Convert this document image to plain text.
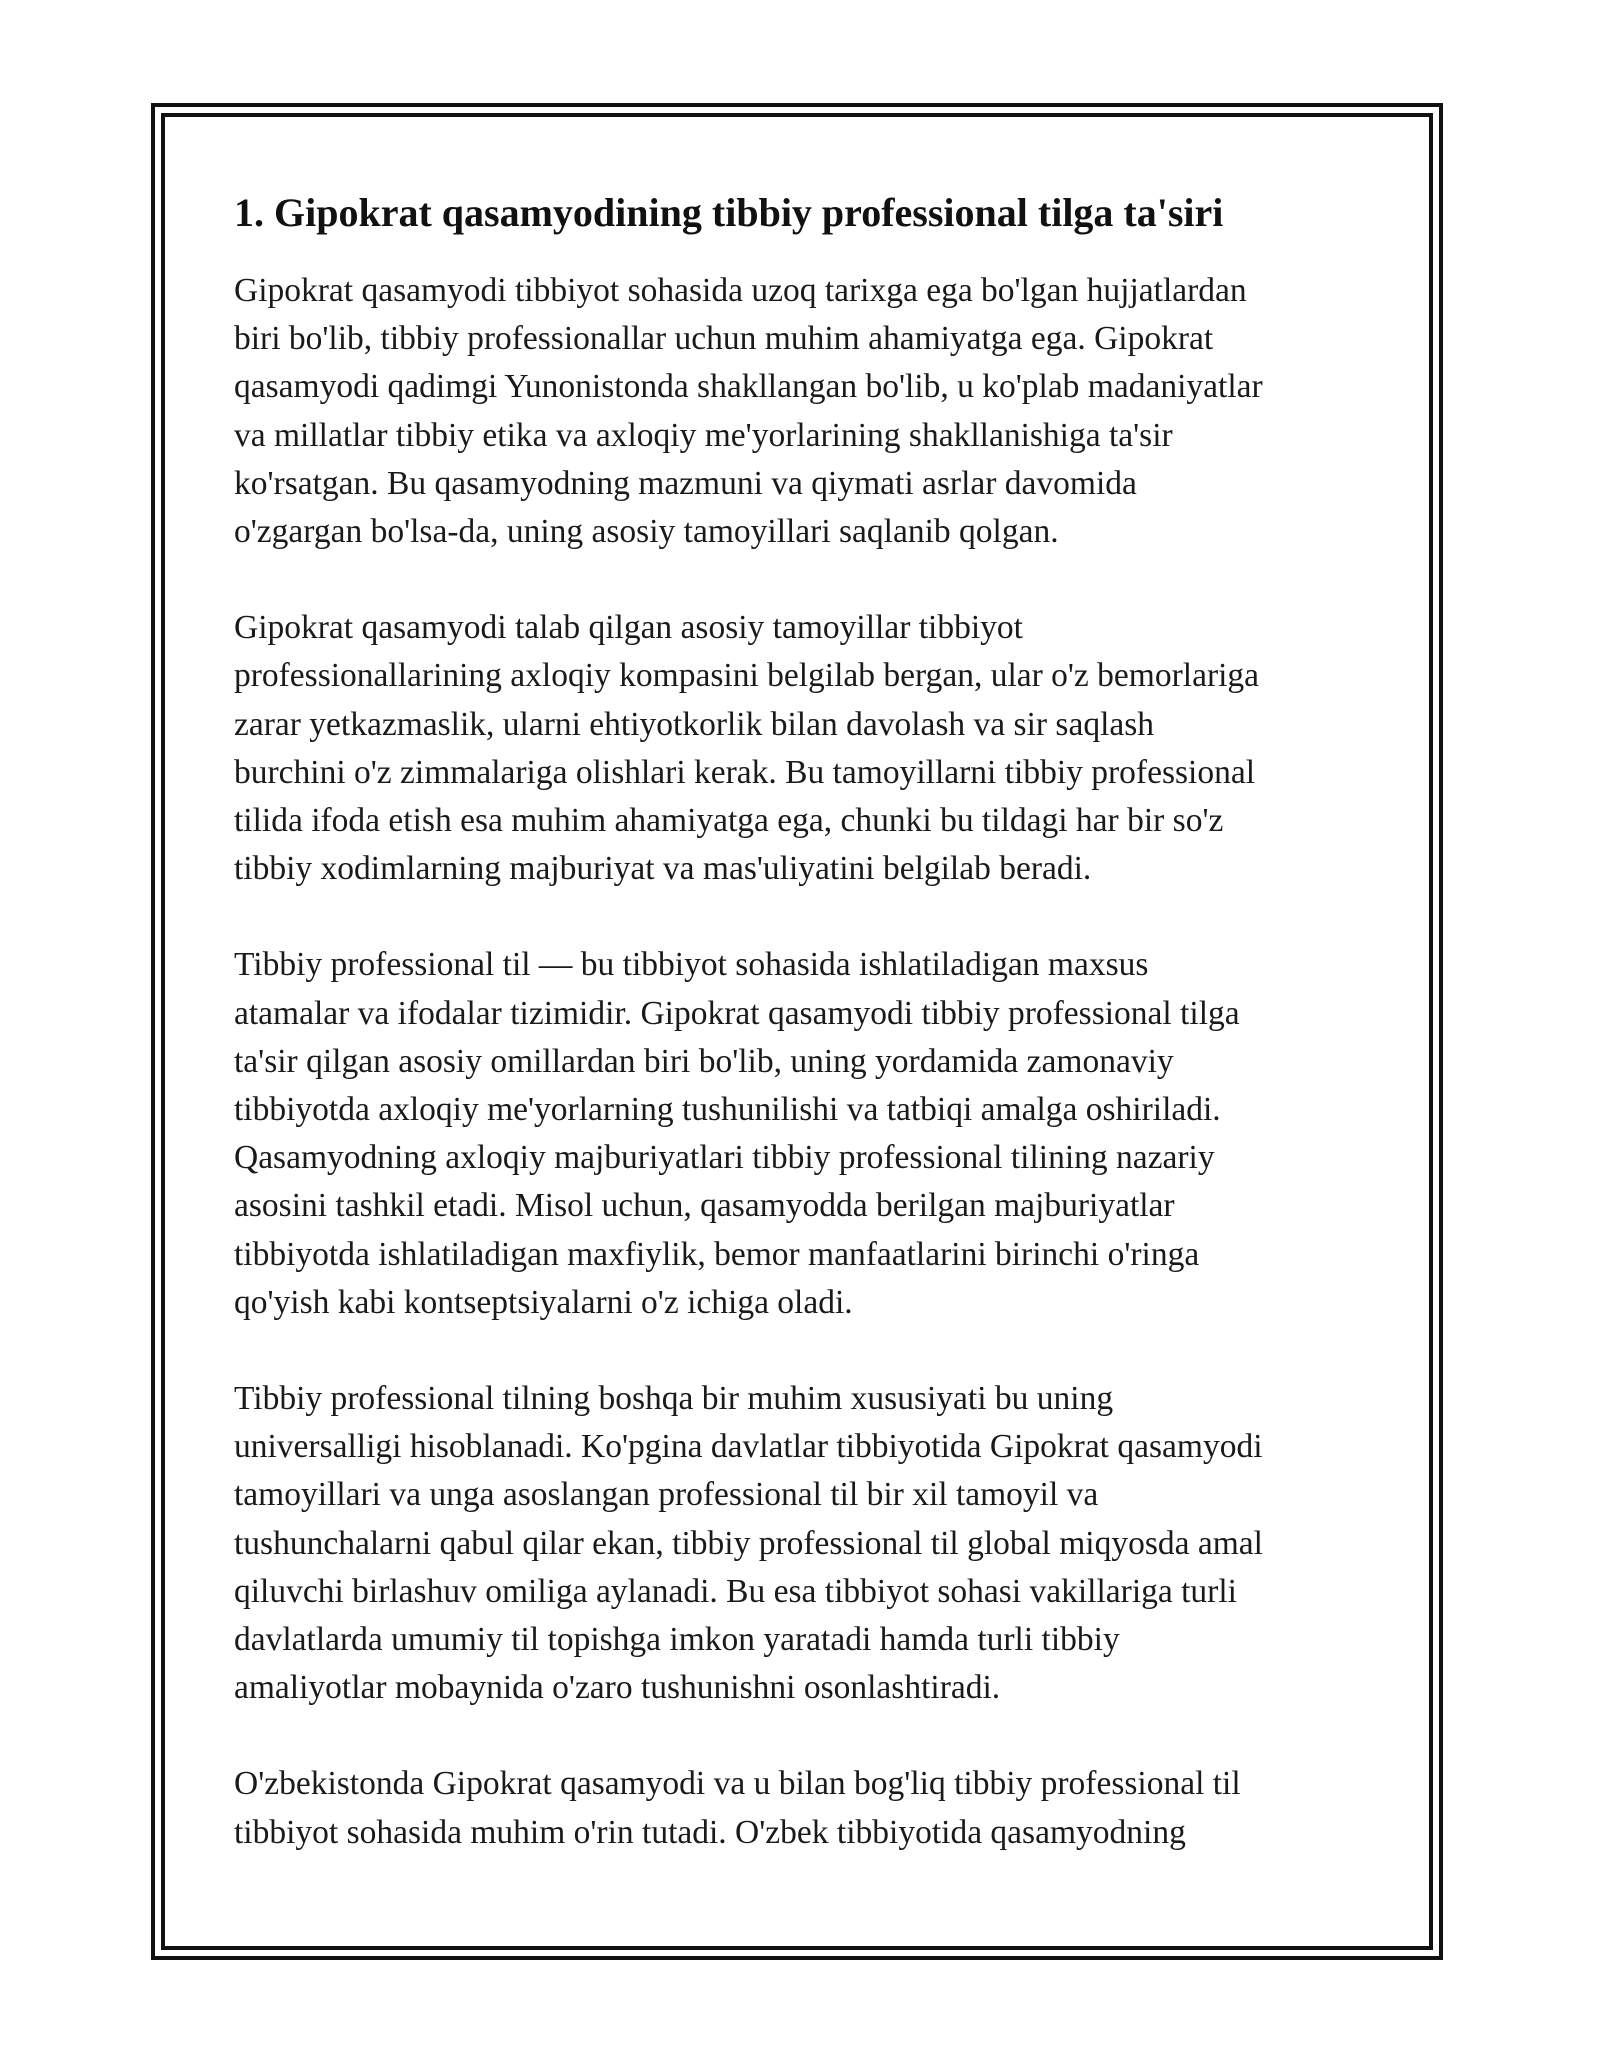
1. Gipokrat qasamyodining tibbiy professional tilga ta'siri

Gipokrat qasamyodi tibbiyot sohasida uzoq tarixga ega bo'lgan hujjatlardan
biri bo'lib, tibbiy professionallar uchun muhim ahamiyatga ega. Gipokrat
qasamyodi qadimgi Yunonistonda shakllangan bo'lib, u ko'plab madaniyatlar
va millatlar tibbiy etika va axloqiy me'yorlarining shakllanishiga ta'sir
ko'rsatgan. Bu qasamyodning mazmuni va qiymati asrlar davomida
o'zgargan bo'lsa-da, uning asosiy tamoyillari saqlanib qolgan.

Gipokrat qasamyodi talab qilgan asosiy tamoyillar tibbiyot
professionallarining axloqiy kompasini belgilab bergan, ular o'z bemorlariga
zarar yetkazmaslik, ularni ehtiyotkorlik bilan davolash va sir saqlash
burchini o'z zimmalariga olishlari kerak. Bu tamoyillarni tibbiy professional
tilida ifoda etish esa muhim ahamiyatga ega, chunki bu tildagi har bir so'z
tibbiy xodimlarning majburiyat va mas'uliyatini belgilab beradi.

Tibbiy professional til — bu tibbiyot sohasida ishlatiladigan maxsus
atamalar va ifodalar tizimidir. Gipokrat qasamyodi tibbiy professional tilga
ta'sir qilgan asosiy omillardan biri bo'lib, uning yordamida zamonaviy
tibbiyotda axloqiy me'yorlarning tushunilishi va tatbiqi amalga oshiriladi.
Qasamyodning axloqiy majburiyatlari tibbiy professional tilining nazariy
asosini tashkil etadi. Misol uchun, qasamyodda berilgan majburiyatlar
tibbiyotda ishlatiladigan maxfiylik, bemor manfaatlarini birinchi o'ringa
qo'yish kabi kontseptsiyalarni o'z ichiga oladi.

Tibbiy professional tilning boshqa bir muhim xususiyati bu uning
universalligi hisoblanadi. Ko'pgina davlatlar tibbiyotida Gipokrat qasamyodi
tamoyillari va unga asoslangan professional til bir xil tamoyil va
tushunchalarni qabul qilar ekan, tibbiy professional til global miqyosda amal
qiluvchi birlashuv omiliga aylanadi. Bu esa tibbiyot sohasi vakillariga turli
davlatlarda umumiy til topishga imkon yaratadi hamda turli tibbiy
amaliyotlar mobaynida o'zaro tushunishni osonlashtiradi.

O'zbekistonda Gipokrat qasamyodi va u bilan bog'liq tibbiy professional til
tibbiyot sohasida muhim o'rin tutadi. O'zbek tibbiyotida qasamyodning
